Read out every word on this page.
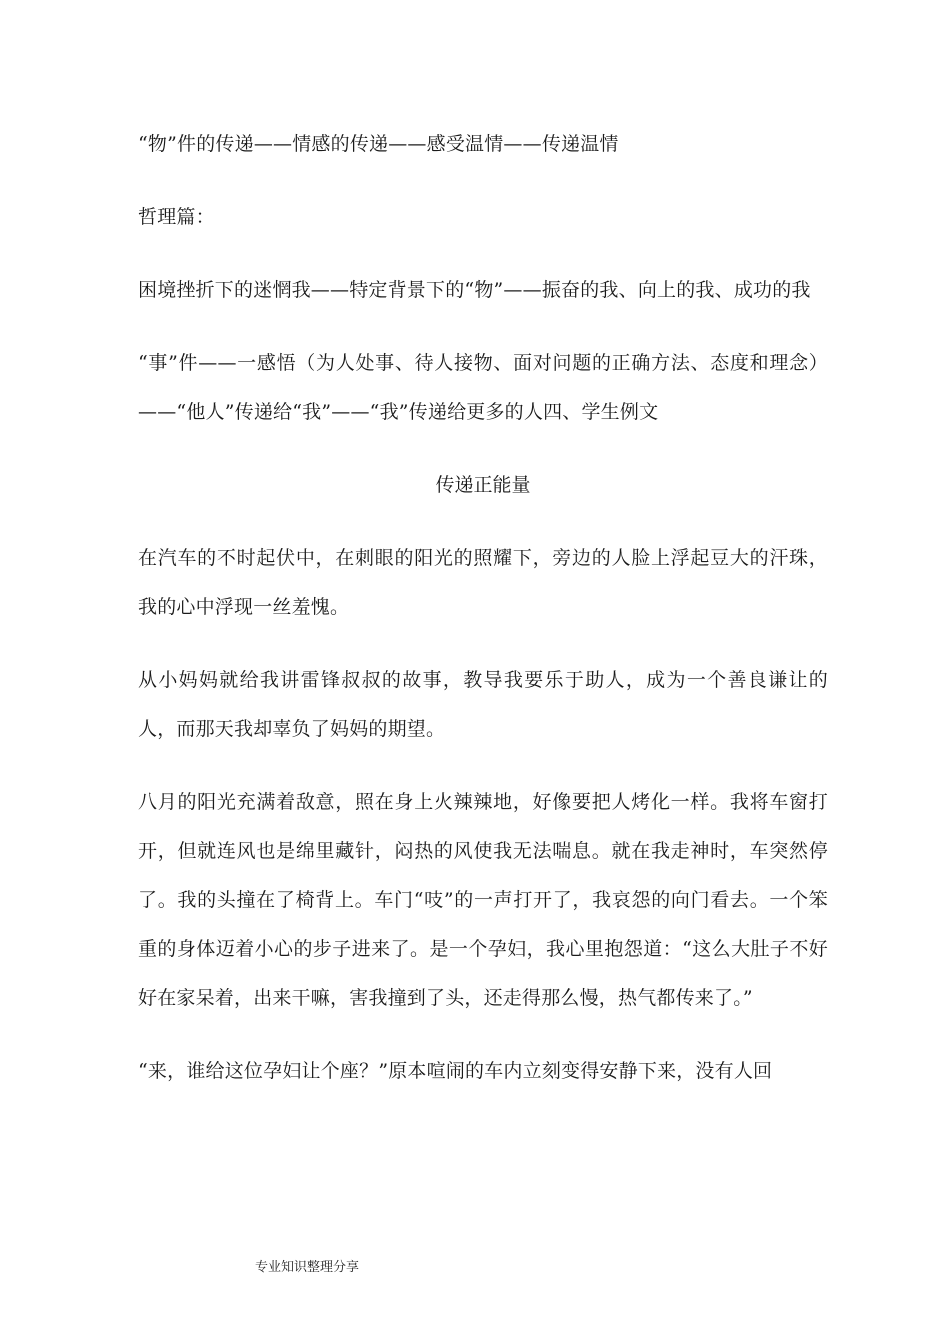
“物”件的传递——情感的传递——感受温情——传递温情

哲理篇：

困境挫折下的迷惘我——特定背景下的“物”——振奋的我、向上的我、成功的我

“事”件——一感悟（为人处事、待人接物、面对问题的正确方法、态度和理念）——“他人”传递给“我”——“我”传递给更多的人四、学生例文

传递正能量

在汽车的不时起伏中，在刺眼的阳光的照耀下，旁边的人脸上浮起豆大的汗珠，我的心中浮现一丝羞愧。

从小妈妈就给我讲雷锋叔叔的故事，教导我要乐于助人，成为一个善良谦让的人，而那天我却辜负了妈妈的期望。

八月的阳光充满着敌意，照在身上火辣辣地，好像要把人烤化一样。我将车窗打开，但就连风也是绵里藏针，闷热的风使我无法喘息。就在我走神时，车突然停了。我的头撞在了椅背上。车门“吱”的一声打开了，我哀怨的向门看去。一个笨重的身体迈着小心的步子进来了。是一个孕妇，我心里抱怨道：“这么大肚子不好好在家呆着，出来干嘛，害我撞到了头，还走得那么慢，热气都传来了。”

“来，谁给这位孕妇让个座？”原本喧闹的车内立刻变得安静下来，没有人回

专业知识整理分享
